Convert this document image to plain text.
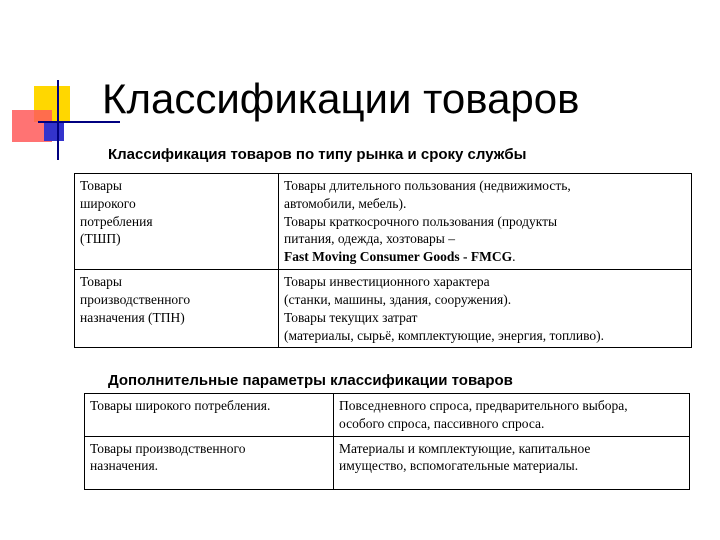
Классификации товаров
Классификация товаров по типу рынка и сроку службы
Товары
широкого
потребления
(ТШП)	Товары длительного пользования (недвижимость,
автомобили, мебель).
Товары краткосрочного пользования (продукты
питания, одежда, хозтовары –
Fast Moving Consumer Goods - FMCG.

Товары
производственного
назначения (ТПН)	Товары инвестиционного характера
(станки, машины, здания, сооружения).
Товары текущих затрат
(материалы, сырьё, комплектующие, энергия, топливо).
Дополнительные параметры классификации товаров
Товары широкого потребления.	Повседневного спроса, предварительного выбора,
особого спроса, пассивного спроса.

Товары производственного
назначения.	Материалы и комплектующие, капитальное
имущество, вспомогательные материалы.
